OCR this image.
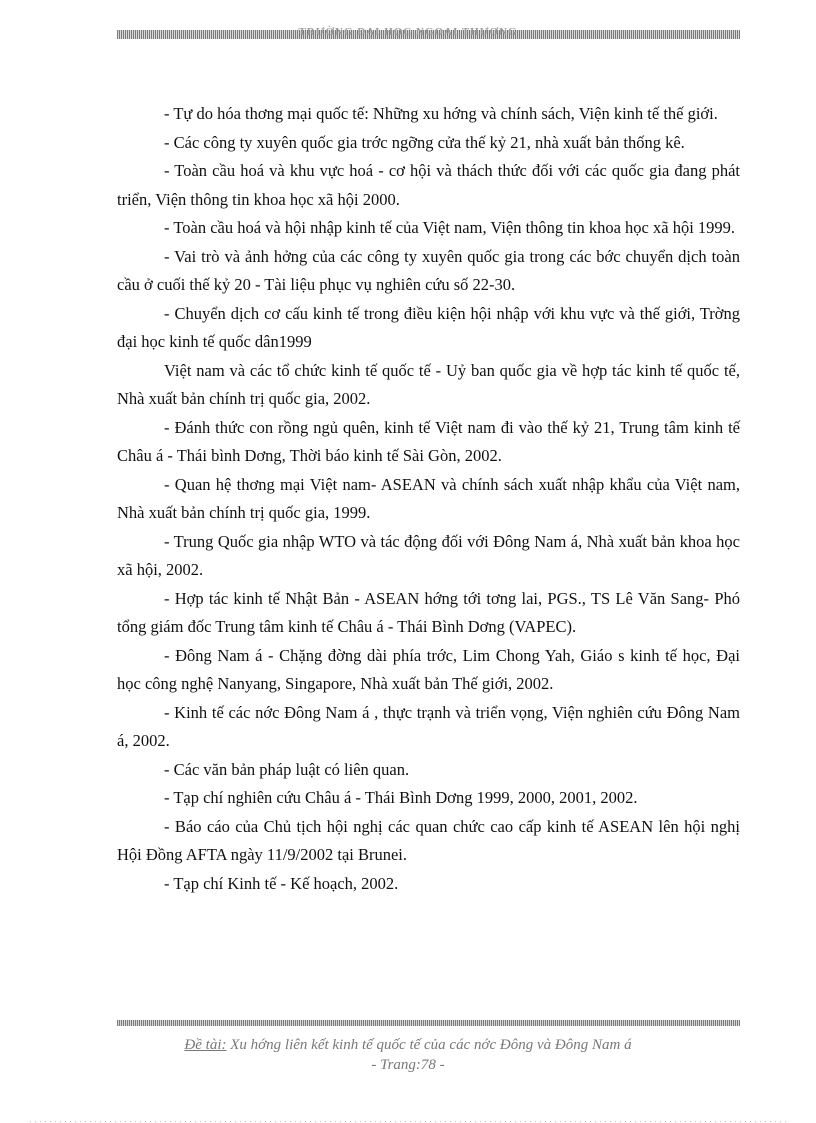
TRƯỜNG ĐẠI HỌC NGOẠI THƯƠNG

- Tự do hóa thơng mại quốc tế: Những xu hớng và chính sách, Viện kinh tế thế giới.

- Các công ty xuyên quốc gia trớc ngỡng cửa thế kỷ 21, nhà xuất bản thống kê.

- Toàn cầu hoá và khu vực hoá - cơ hội và thách thức đối với các quốc gia đang phát triển, Viện thông tin khoa học xã hội 2000.

- Toàn cầu hoá và hội nhập kinh tế của Việt nam, Viện thông tin khoa học xã hội 1999.

- Vai trò và ảnh hởng của các công ty xuyên quốc gia trong các bớc chuyển dịch toàn cầu ở cuối thế kỷ 20 - Tài liệu phục vụ nghiên cứu số 22-30.

- Chuyển dịch cơ cấu kinh tế trong điều kiện hội nhập với khu vực và thế giới, Trờng đại học kinh tế quốc dân1999

Việt nam và các tổ chức kinh tế quốc tế - Uỷ ban quốc gia về hợp tác kinh tế quốc tế, Nhà xuất bản chính trị quốc gia, 2002.

- Đánh thức con rồng ngủ quên, kinh tế Việt nam đi vào thế kỷ 21, Trung tâm kinh tế Châu á - Thái bình Dơng, Thời báo kinh tế Sài Gòn, 2002.

- Quan hệ thơng mại Việt nam- ASEAN và chính sách xuất nhập khẩu của Việt nam, Nhà xuất bản chính trị quốc gia, 1999.

- Trung Quốc gia nhập WTO và tác động đối với Đông Nam á, Nhà xuất bản khoa học xã hội, 2002.

- Hợp tác kinh tế Nhật Bản - ASEAN hớng tới tơng lai, PGS., TS Lê Văn Sang- Phó tổng giám đốc Trung tâm kinh tế Châu á - Thái Bình Dơng (VAPEC).

- Đông Nam á - Chặng đờng dài phía trớc, Lim Chong Yah, Giáo s kinh tế học, Đại học công nghệ Nanyang, Singapore, Nhà xuất bản Thế giới, 2002.

- Kinh tế các nớc Đông Nam á , thực trạnh và triển vọng, Viện nghiên cứu Đông Nam á, 2002.

- Các văn bản pháp luật có liên quan.

- Tạp chí nghiên cứu Châu á - Thái Bình Dơng 1999, 2000, 2001, 2002.

- Báo cáo của Chủ tịch hội nghị các quan chức cao cấp kinh tế ASEAN lên hội nghị Hội Đồng AFTA ngày 11/9/2002 tại Brunei.

- Tạp chí Kinh tế - Kế hoạch, 2002.

Đề tài: Xu hớng liên kết kinh tế quốc tế của các nớc Đông và Đông Nam á
- Trang:78 -
